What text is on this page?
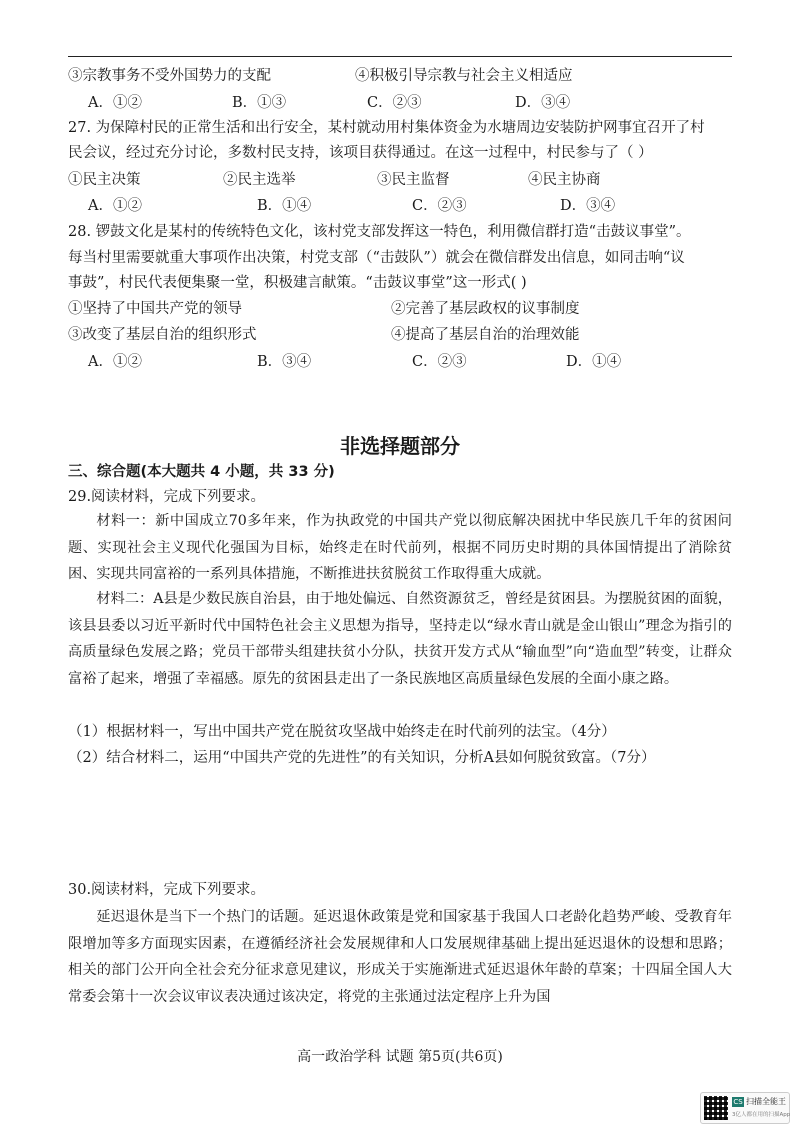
③宗教事务不受外国势力的支配	④积极引导宗教与社会主义相适应
A．①②	B．①③	C．②③	D．③④
27. 为保障村民的正常生活和出行安全，某村就动用村集体资金为水塘周边安装防护网事宜召开了村
民会议，经过充分讨论，多数村民支持，该项目获得通过。在这一过程中，村民参与了（ ）
①民主决策	②民主选举	③民主监督	④民主协商
A．①②	B．①④	C．②③	D．③④
28. 锣鼓文化是某村的传统特色文化，该村党支部发挥这一特色，利用微信群打造“击鼓议事堂”。
每当村里需要就重大事项作出决策，村党支部（“击鼓队”）就会在微信群发出信息，如同击响“议
事鼓”，村民代表便集聚一堂，积极建言献策。“击鼓议事堂”这一形式( )
①坚持了中国共产党的领导	②完善了基层政权的议事制度
③改变了基层自治的组织形式	④提高了基层自治的治理效能
A．①②	B．③④	C．②③	D．①④
非选择题部分
三、综合题(本大题共 4 小题，共 33 分)
29.阅读材料，完成下列要求。
材料一：新中国成立70多年来，作为执政党的中国共产党以彻底解决困扰中华民族几千年的贫困问题、实现社会主义现代化强国为目标，始终走在时代前列，根据不同历史时期的具体国情提出了消除贫困、实现共同富裕的一系列具体措施，不断推进扶贫脱贫工作取得重大成就。
材料二：A县是少数民族自治县，由于地处偏远、自然资源贫乏，曾经是贫困县。为摆脱贫困的面貌，该县县委以习近平新时代中国特色社会主义思想为指导，坚持走以“绿水青山就是金山银山”理念为指引的高质量绿色发展之路；党员干部带头组建扶贫小分队，扶贫开发方式从“输血型”向“造血型”转变，让群众富裕了起来，增强了幸福感。原先的贫困县走出了一条民族地区高质量绿色发展的全面小康之路。
（1）根据材料一，写出中国共产党在脱贫攻坚战中始终走在时代前列的法宝。（4分）
（2）结合材料二，运用“中国共产党的先进性”的有关知识，分析A县如何脱贫致富。（7分）
30.阅读材料，完成下列要求。
延迟退休是当下一个热门的话题。延迟退休政策是党和国家基于我国人口老龄化趋势严峻、受教育年限增加等多方面现实因素，在遵循经济社会发展规律和人口发展规律基础上提出延迟退休的设想和思路；相关的部门公开向全社会充分征求意见建议，形成关于实施渐进式延迟退休年龄的草案；十四届全国人大常委会第十一次会议审议表决通过该决定，将党的主张通过法定程序上升为国
高一政治学科 试题 第5页(共6页)
CS 扫描全能王
3亿人都在用的扫描App
